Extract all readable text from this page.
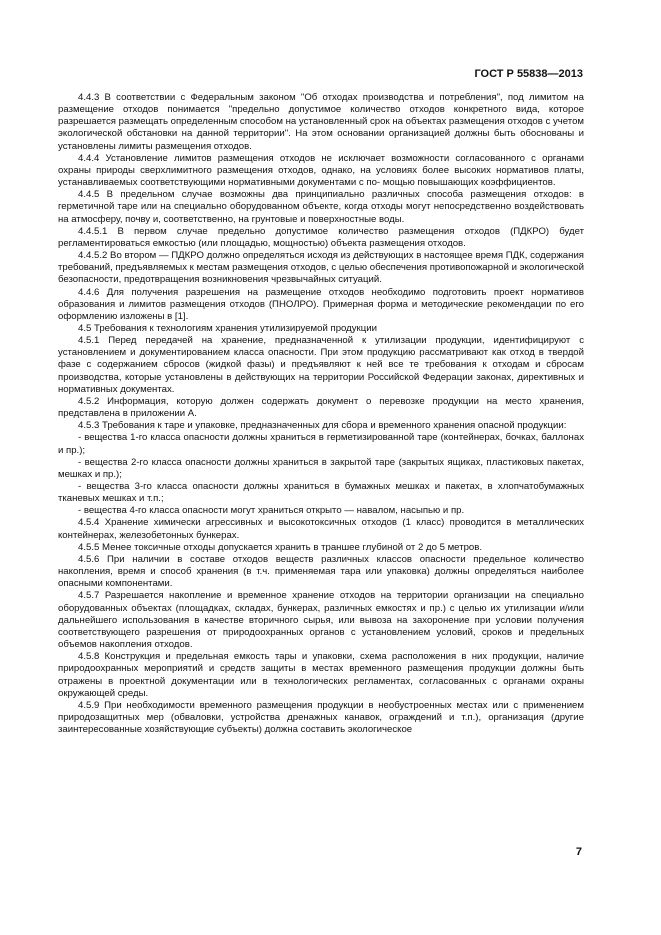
ГОСТ Р 55838—2013

4.4.3 В соответствии с Федеральным законом "Об отходах производства и потребления", под лимитом на размещение отходов понимается "предельно допустимое количество отходов конкретного вида, которое разрешается размещать определенным способом на установленный срок на объектах размещения отходов с учетом экологической обстановки на данной территории". На этом основании организацией должны быть обоснованы и установлены лимиты размещения отходов.

4.4.4 Установление лимитов размещения отходов не исключает возможности согласованного с органами охраны природы сверхлимитного размещения отходов, однако, на условиях более высоких нормативов платы, устанавливаемых соответствующими нормативными документами с по- мощью повышающих коэффициентов.

4.4.5 В предельном случае возможны два принципиально различных способа размещения отходов: в герметичной таре или на специально оборудованном объекте, когда отходы могут непосредственно воздействовать на атмосферу, почву и, соответственно, на грунтовые и поверхностные воды.

4.4.5.1 В первом случае предельно допустимое количество размещения отходов (ПДКРО) будет регламентироваться емкостью (или площадью, мощностью) объекта размещения отходов.

4.4.5.2 Во втором — ПДКРО должно определяться исходя из действующих в настоящее время ПДК, содержания требований, предъявляемых к местам размещения отходов, с целью обеспечения противопожарной и экологической безопасности, предотвращения возникновения чрезвычайных ситуаций.

4.4.6 Для получения разрешения на размещение отходов необходимо подготовить проект нормативов образования и лимитов размещения отходов (ПНОЛРО). Примерная форма и методические рекомендации по его оформлению изложены в [1].

4.5 Требования к технологиям хранения утилизируемой продукции

4.5.1 Перед передачей на хранение, предназначенной к утилизации продукции, идентифицируют с установлением и документированием класса опасности. При этом продукцию рассматривают как отход в твердой фазе с содержанием сбросов (жидкой фазы) и предъявляют к ней все те требования к отходам и сбросам производства, которые установлены в действующих на территории Российской Федерации законах, директивных и нормативных документах.

4.5.2 Информация, которую должен содержать документ о перевозке продукции на место хранения, представлена в приложении А.

4.5.3 Требования к таре и упаковке, предназначенных для сбора и временного хранения опасной продукции:

- вещества 1-го класса опасности должны храниться в герметизированной таре (контейнерах, бочках, баллонах и пр.);

- вещества 2-го класса опасности должны храниться в закрытой таре (закрытых ящиках, пластиковых пакетах, мешках и пр.);

- вещества 3-го класса опасности должны храниться в бумажных мешках и пакетах, в хлопчатобумажных тканевых мешках и т.п.;

- вещества 4-го класса опасности могут храниться открыто — навалом, насыпью и пр.

4.5.4 Хранение химически агрессивных и высокотоксичных отходов (1 класс) проводится в металлических контейнерах, железобетонных бункерах.

4.5.5 Менее токсичные отходы допускается хранить в траншее глубиной от 2 до 5 метров.

4.5.6 При наличии в составе отходов веществ различных классов опасности предельное количество накопления, время и способ хранения (в т.ч. применяемая тара или упаковка) должны определяться наиболее опасными компонентами.

4.5.7 Разрешается накопление и временное хранение отходов на территории организации на специально оборудованных объектах (площадках, складах, бункерах, различных емкостях и пр.) с целью их утилизации и/или дальнейшего использования в качестве вторичного сырья, или вывоза на захоронение при условии получения соответствующего разрешения от природоохранных органов с установлением условий, сроков и предельных объемов накопления отходов.

4.5.8 Конструкция и предельная емкость тары и упаковки, схема расположения в них продукции, наличие природоохранных мероприятий и средств защиты в местах временного размещения продукции должны быть отражены в проектной документации или в технологических регламентах, согласованных с органами охраны окружающей среды.

4.5.9 При необходимости временного размещения продукции в необустроенных местах или с применением природозащитных мер (обваловки, устройства дренажных канавок, ограждений и т.п.), организация (другие заинтересованные хозяйствующие субъекты) должна составить экологическое

7
